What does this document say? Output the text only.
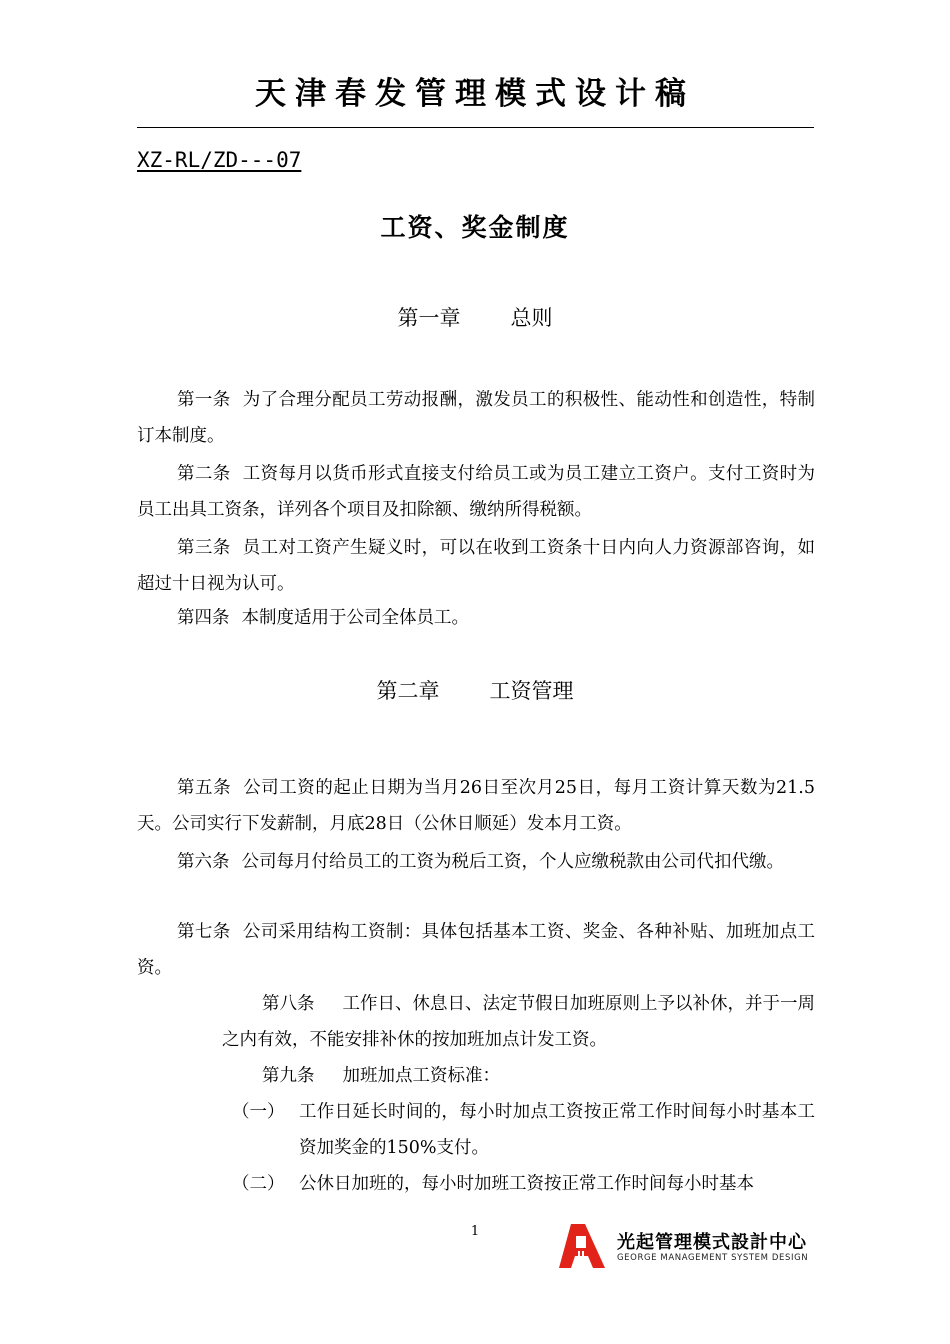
天津春发管理模式设计稿
XZ-RL/ZD---07
工资、奖金制度
第一章 总则

第一条 为了合理分配员工劳动报酬，激发员工的积极性、能动性和创造性，特制订本制度。

第二条 工资每月以货币形式直接支付给员工或为员工建立工资户。支付工资时为员工出具工资条，详列各个项目及扣除额、缴纳所得税额。

第三条 员工对工资产生疑义时，可以在收到工资条十日内向人力资源部咨询，如超过十日视为认可。

第四条 本制度适用于公司全体员工。

第二章 工资管理

第五条 公司工资的起止日期为当月26日至次月25日，每月工资计算天数为21.5天。公司实行下发薪制，月底28日（公休日顺延）发本月工资。

第六条 公司每月付给员工的工资为税后工资，个人应缴税款由公司代扣代缴。

第七条 公司采用结构工资制：具体包括基本工资、奖金、各种补贴、加班加点工资。

第八条 工作日、休息日、法定节假日加班原则上予以补休，并于一周之内有效，不能安排补休的按加班加点计发工资。

第九条 加班加点工资标准：

（一） 工作日延长时间的，每小时加点工资按正常工作时间每小时基本工资加奖金的150%支付。

（二） 公休日加班的，每小时加班工资按正常工作时间每小时基本

1
光起管理模式設計中心
GEORGE MANAGEMENT SYSTEM DESIGN
